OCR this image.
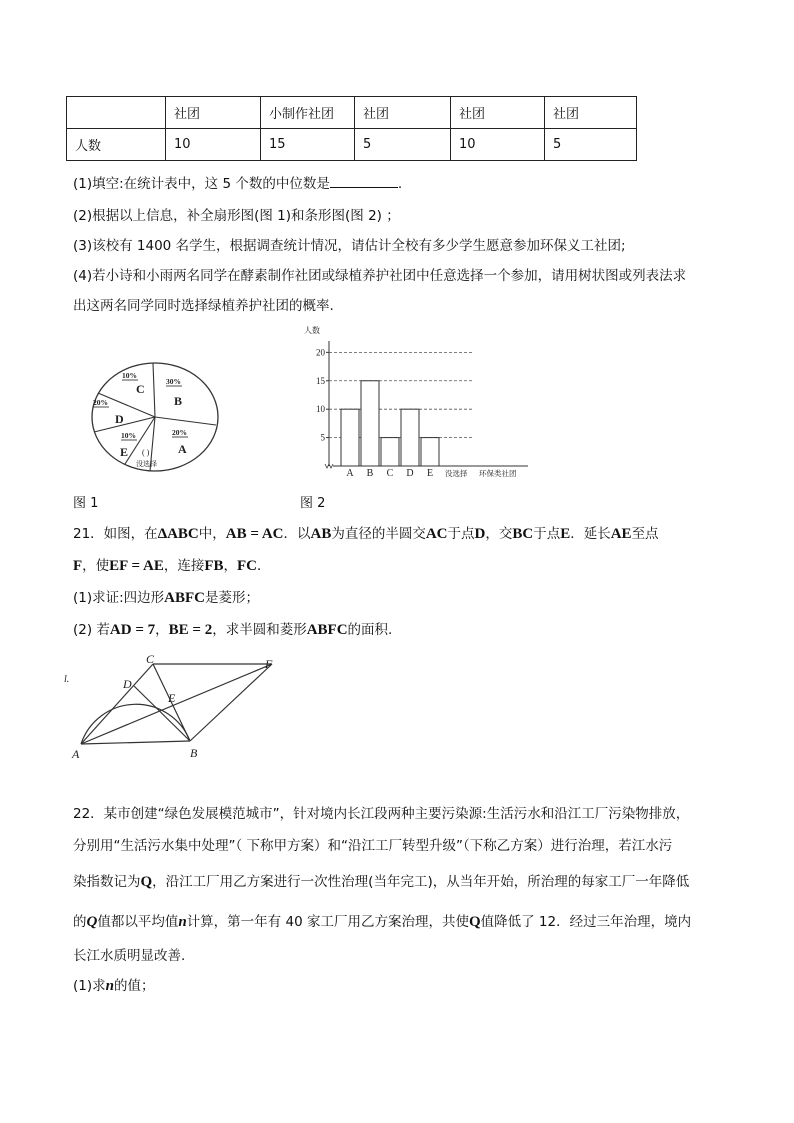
	社团	小制作社团	社团	社团	社团
人数	10	15	5	10	5
(1)填空:在统计表中，这 5 个数的中位数是	.
(2)根据以上信息，补全扇形图(图 1)和条形图(图 2) ；
(3)该校有 1400 名学生，根据调查统计情况，请估计全校有多少学生愿意参加环保义工社团;
(4)若小诗和小雨两名同学在酵素制作社团或绿植养护社团中任意选择一个参加，请用树状图或列表法求
出这两名同学同时选择绿植养护社团的概率.
10%
30%
20%
10%	20%
C
B
D
E	A
( )
没选择
人数
5
10
15
20
A B C D E 没选择 环保类社团
图 1	图 2
21．如图，在ΔABC中，AB = AC．以AB为直径的半圆交AC于点D，交BC于点E．延长AE至点
F，使EF = AE，连接FB，FC．
(1)求证:四边形ABFC是菱形；
(2) 若AD = 7，BE = 2，求半圆和菱形ABFC的面积.
A	B
C
D
E
F
l.
22．某市创建“绿色发展模范城市”，针对境内长江段两种主要污染源:生活污水和沿江工厂污染物排放，
分别用“生活污水集中处理”（ 下称甲方案）和“沿江工厂转型升级”（下称乙方案）进行治理，若江水污
染指数记为Q，沿江工厂用乙方案进行一次性治理(当年完工)，从当年开始，所治理的每家工厂一年降低
的Q值都以平均值n计算，第一年有 40 家工厂用乙方案治理，共使Q值降低了 12．经过三年治理，境内
长江水质明显改善.
(1)求n的值；
